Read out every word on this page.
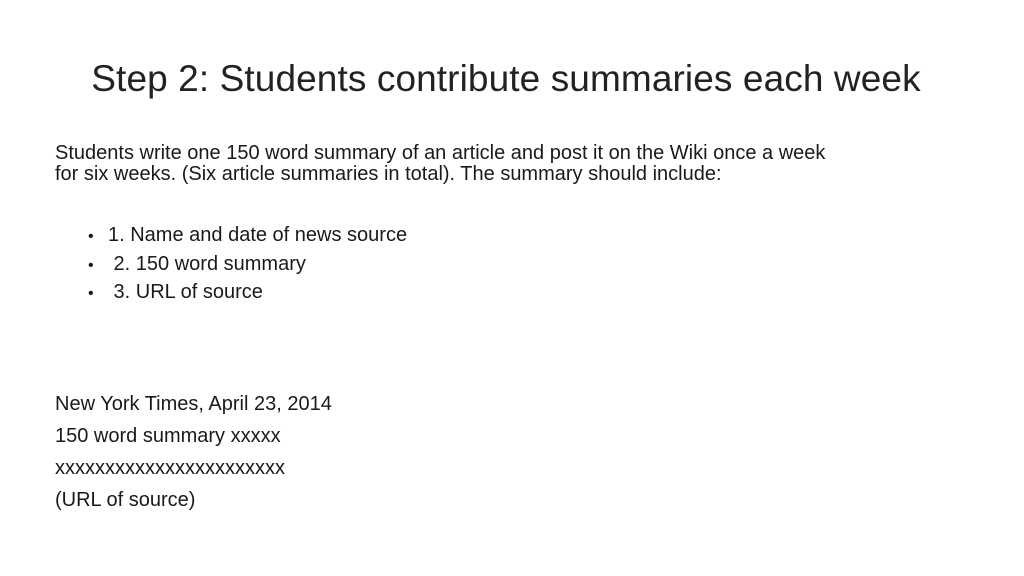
Step 2: Students contribute summaries each week

Students write one 150 word summary of an article and post it on the Wiki once a week

for six weeks. (Six article summaries in total). The summary should include:

• 1. Name and date of news source
• 2. 150 word summary
• 3. URL of source
New York Times, April 23, 2014
150 word summary xxxxx
xxxxxxxxxxxxxxxxxxxxxxx
(URL of source)
